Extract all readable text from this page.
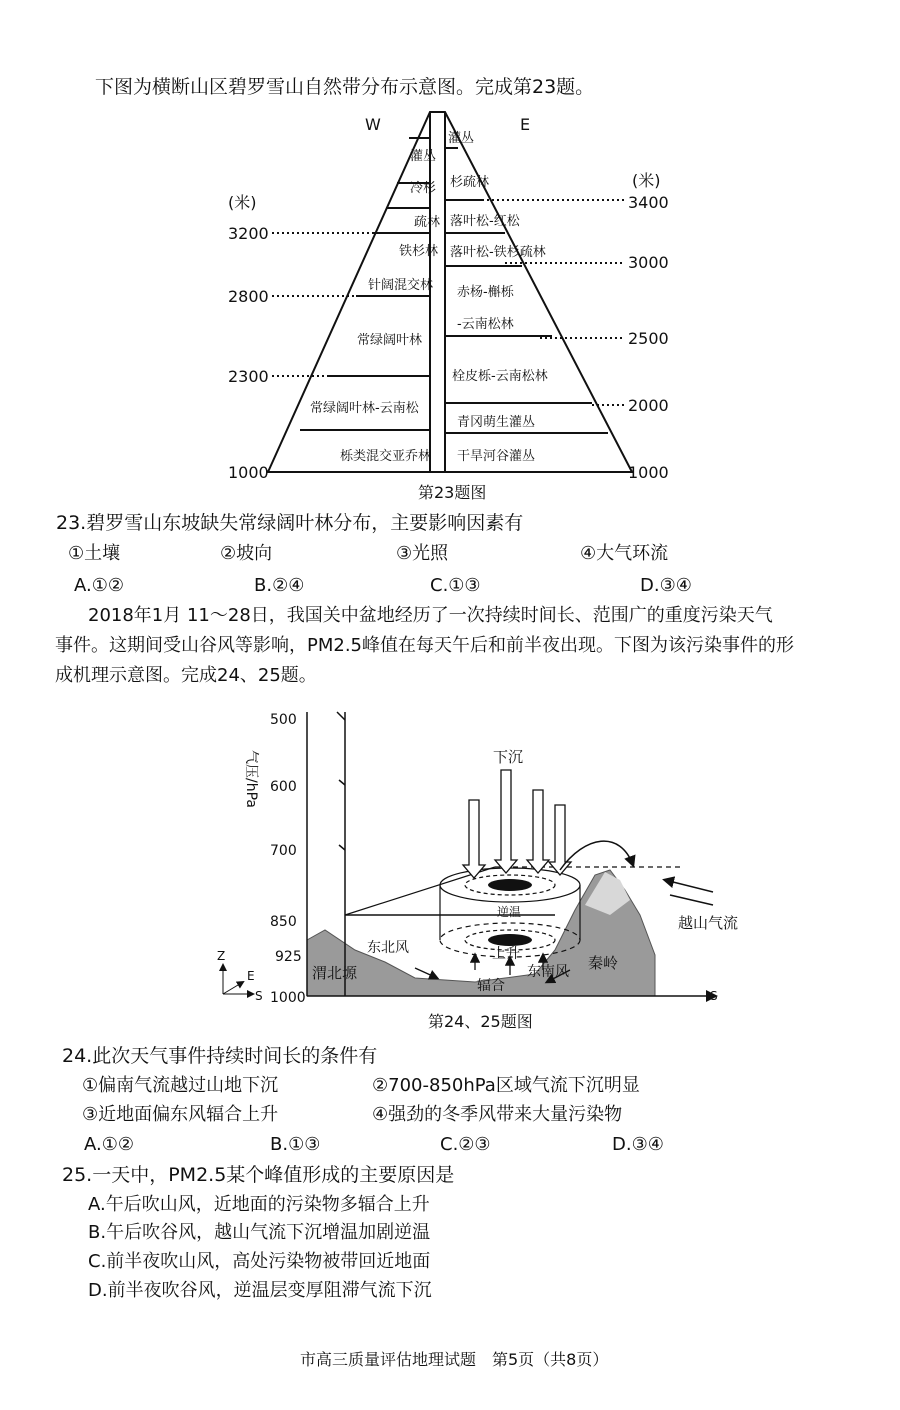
下图为横断山区碧罗雪山自然带分布示意图。完成第23题。
W	E
(米)
(米)
3200
2800
2300
1000
3400
3000
2500
2000
1000
灌丛
冷杉
疏林
铁杉林
针阔混交林
常绿阔叶林
常绿阔叶林-云南松
栎类混交亚乔林
灌丛
杉疏林
落叶松-红松
落叶松-铁杉疏林
赤杨-槲栎
-云南松林
栓皮栎-云南松林
青冈萌生灌丛
干旱河谷灌丛
第23题图
23.碧罗雪山东坡缺失常绿阔叶林分布，主要影响因素有
①土壤	②坡向	③光照	④大气环流
A.①②	B.②④	C.①③	D.③④
2018年1月 11～28日，我国关中盆地经历了一次持续时间长、范围广的重度污染天气
事件。这期间受山谷风等影响，PM2.5峰值在每天午后和前半夜出现。下图为该污染事件的形
成机理示意图。完成24、25题。
500
600
700
850
925
1000
气压/hPa	下沉
越山气流
秦岭
渭北塬
东北风
东南风
上升
辐合
逆温
Z
E
S	S
第24、25题图
24.此次天气事件持续时间长的条件有
①偏南气流越过山地下沉	②700-850hPa区域气流下沉明显
③近地面偏东风辐合上升	④强劲的冬季风带来大量污染物
A.①②	B.①③	C.②③	D.③④
25.一天中，PM2.5某个峰值形成的主要原因是
A.午后吹山风，近地面的污染物多辐合上升
B.午后吹谷风，越山气流下沉增温加剧逆温
C.前半夜吹山风，高处污染物被带回近地面
D.前半夜吹谷风，逆温层变厚阻滞气流下沉
市高三质量评估地理试题　第5页（共8页）
